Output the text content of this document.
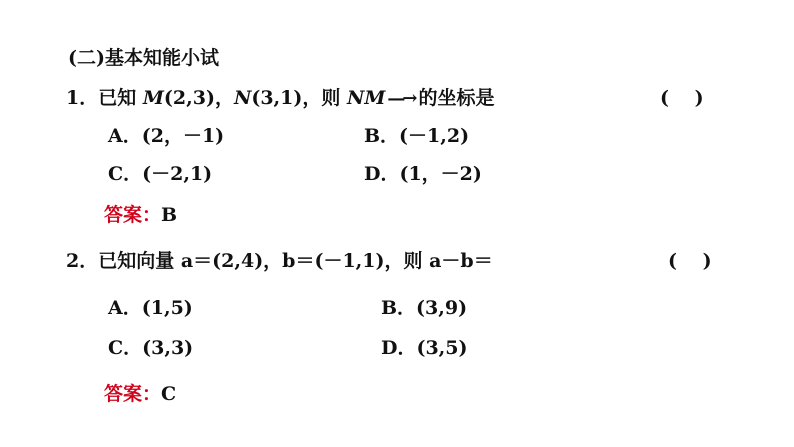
(二)基本知能小试
1．已知 M(2,3)，N(3,1)，则 NM —→ 的坐标是	(　 )
A．(2，－1)	B．(－1,2)
C．(－2,1)	D．(1，－2)
答案：B
2．已知向量 a＝(2,4)，b＝(－1,1)，则 a－b＝	(　 )
A．(1,5)	B．(3,9)
C．(3,3)	D．(3,5)
答案：C
